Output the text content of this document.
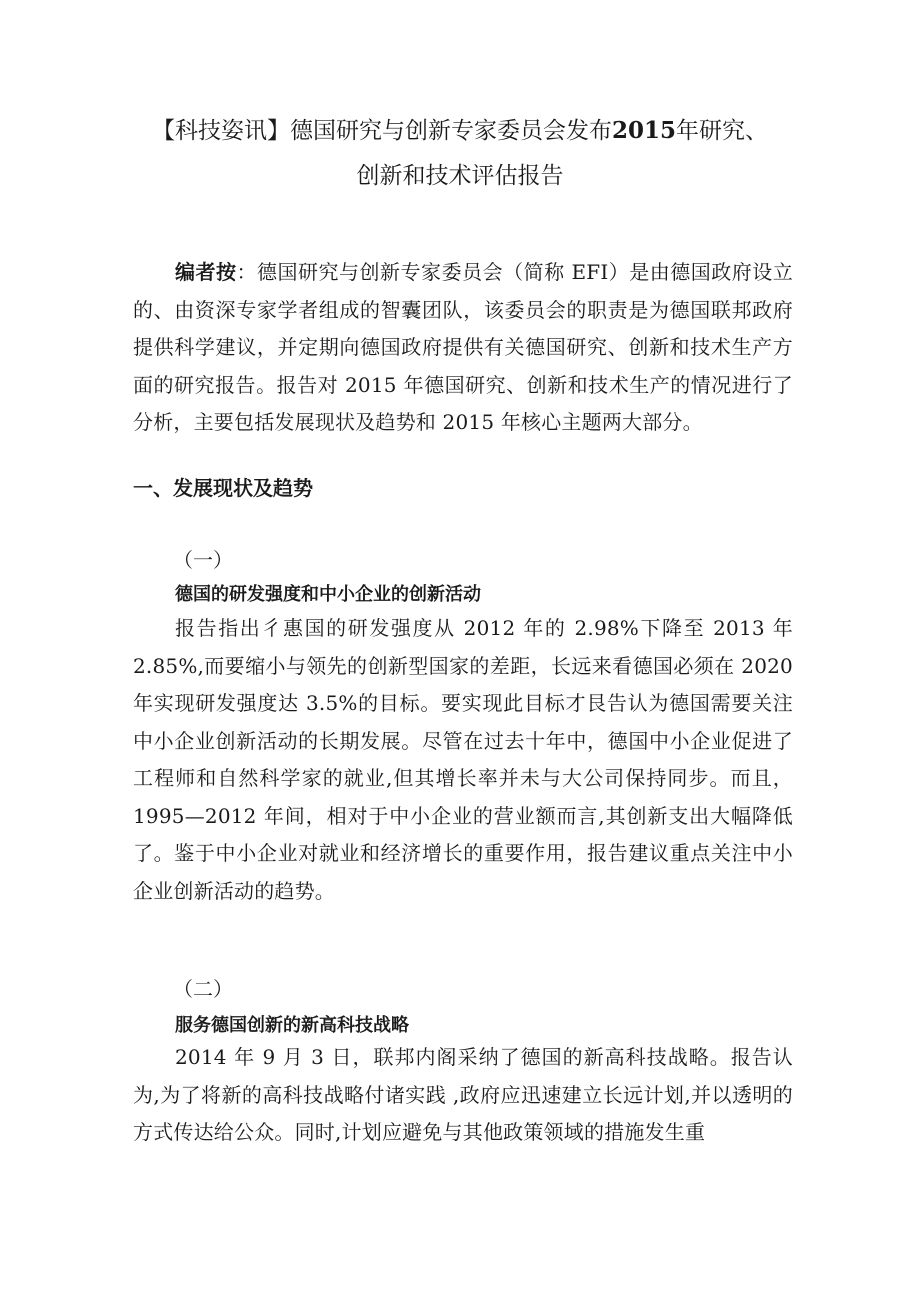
【科技姿讯】德国研究与创新专家委员会发布2015年研究、
创新和技术评估报告
编者按：德国研究与创新专家委员会（简称 EFI）是由德国政府设立的、由资深专家学者组成的智囊团队，该委员会的职责是为德国联邦政府提供科学建议，并定期向德国政府提供有关德国研究、创新和技术生产方面的研究报告。报告对 2015 年德国研究、创新和技术生产的情况进行了分析，主要包括发展现状及趋势和 2015 年核心主题两大部分。
一、发展现状及趋势
（一）
德国的研发强度和中小企业的创新活动
报告指出彳惠国的研发强度从 2012 年的 2.98%下降至 2013 年 2.85%,而要缩小与领先的创新型国家的差距，长远来看德国必须在 2020 年实现研发强度达 3.5%的目标。要实现此目标才艮告认为德国需要关注中小企业创新活动的长期发展。尽管在过去十年中，德国中小企业促进了工程师和自然科学家的就业,但其增长率并未与大公司保持同步。而且，1995—2012 年间，相对于中小企业的营业额而言,其创新支出大幅降低了。鉴于中小企业对就业和经济增长的重要作用，报告建议重点关注中小企业创新活动的趋势。
（二）
服务德国创新的新高科技战略
2014 年 9 月 3 日，联邦内阁采纳了德国的新高科技战略。报告认为,为了将新的高科技战略付诸实践 ,政府应迅速建立长远计划,并以透明的方式传达给公众。同时,计划应避免与其他政策领域的措施发生重
